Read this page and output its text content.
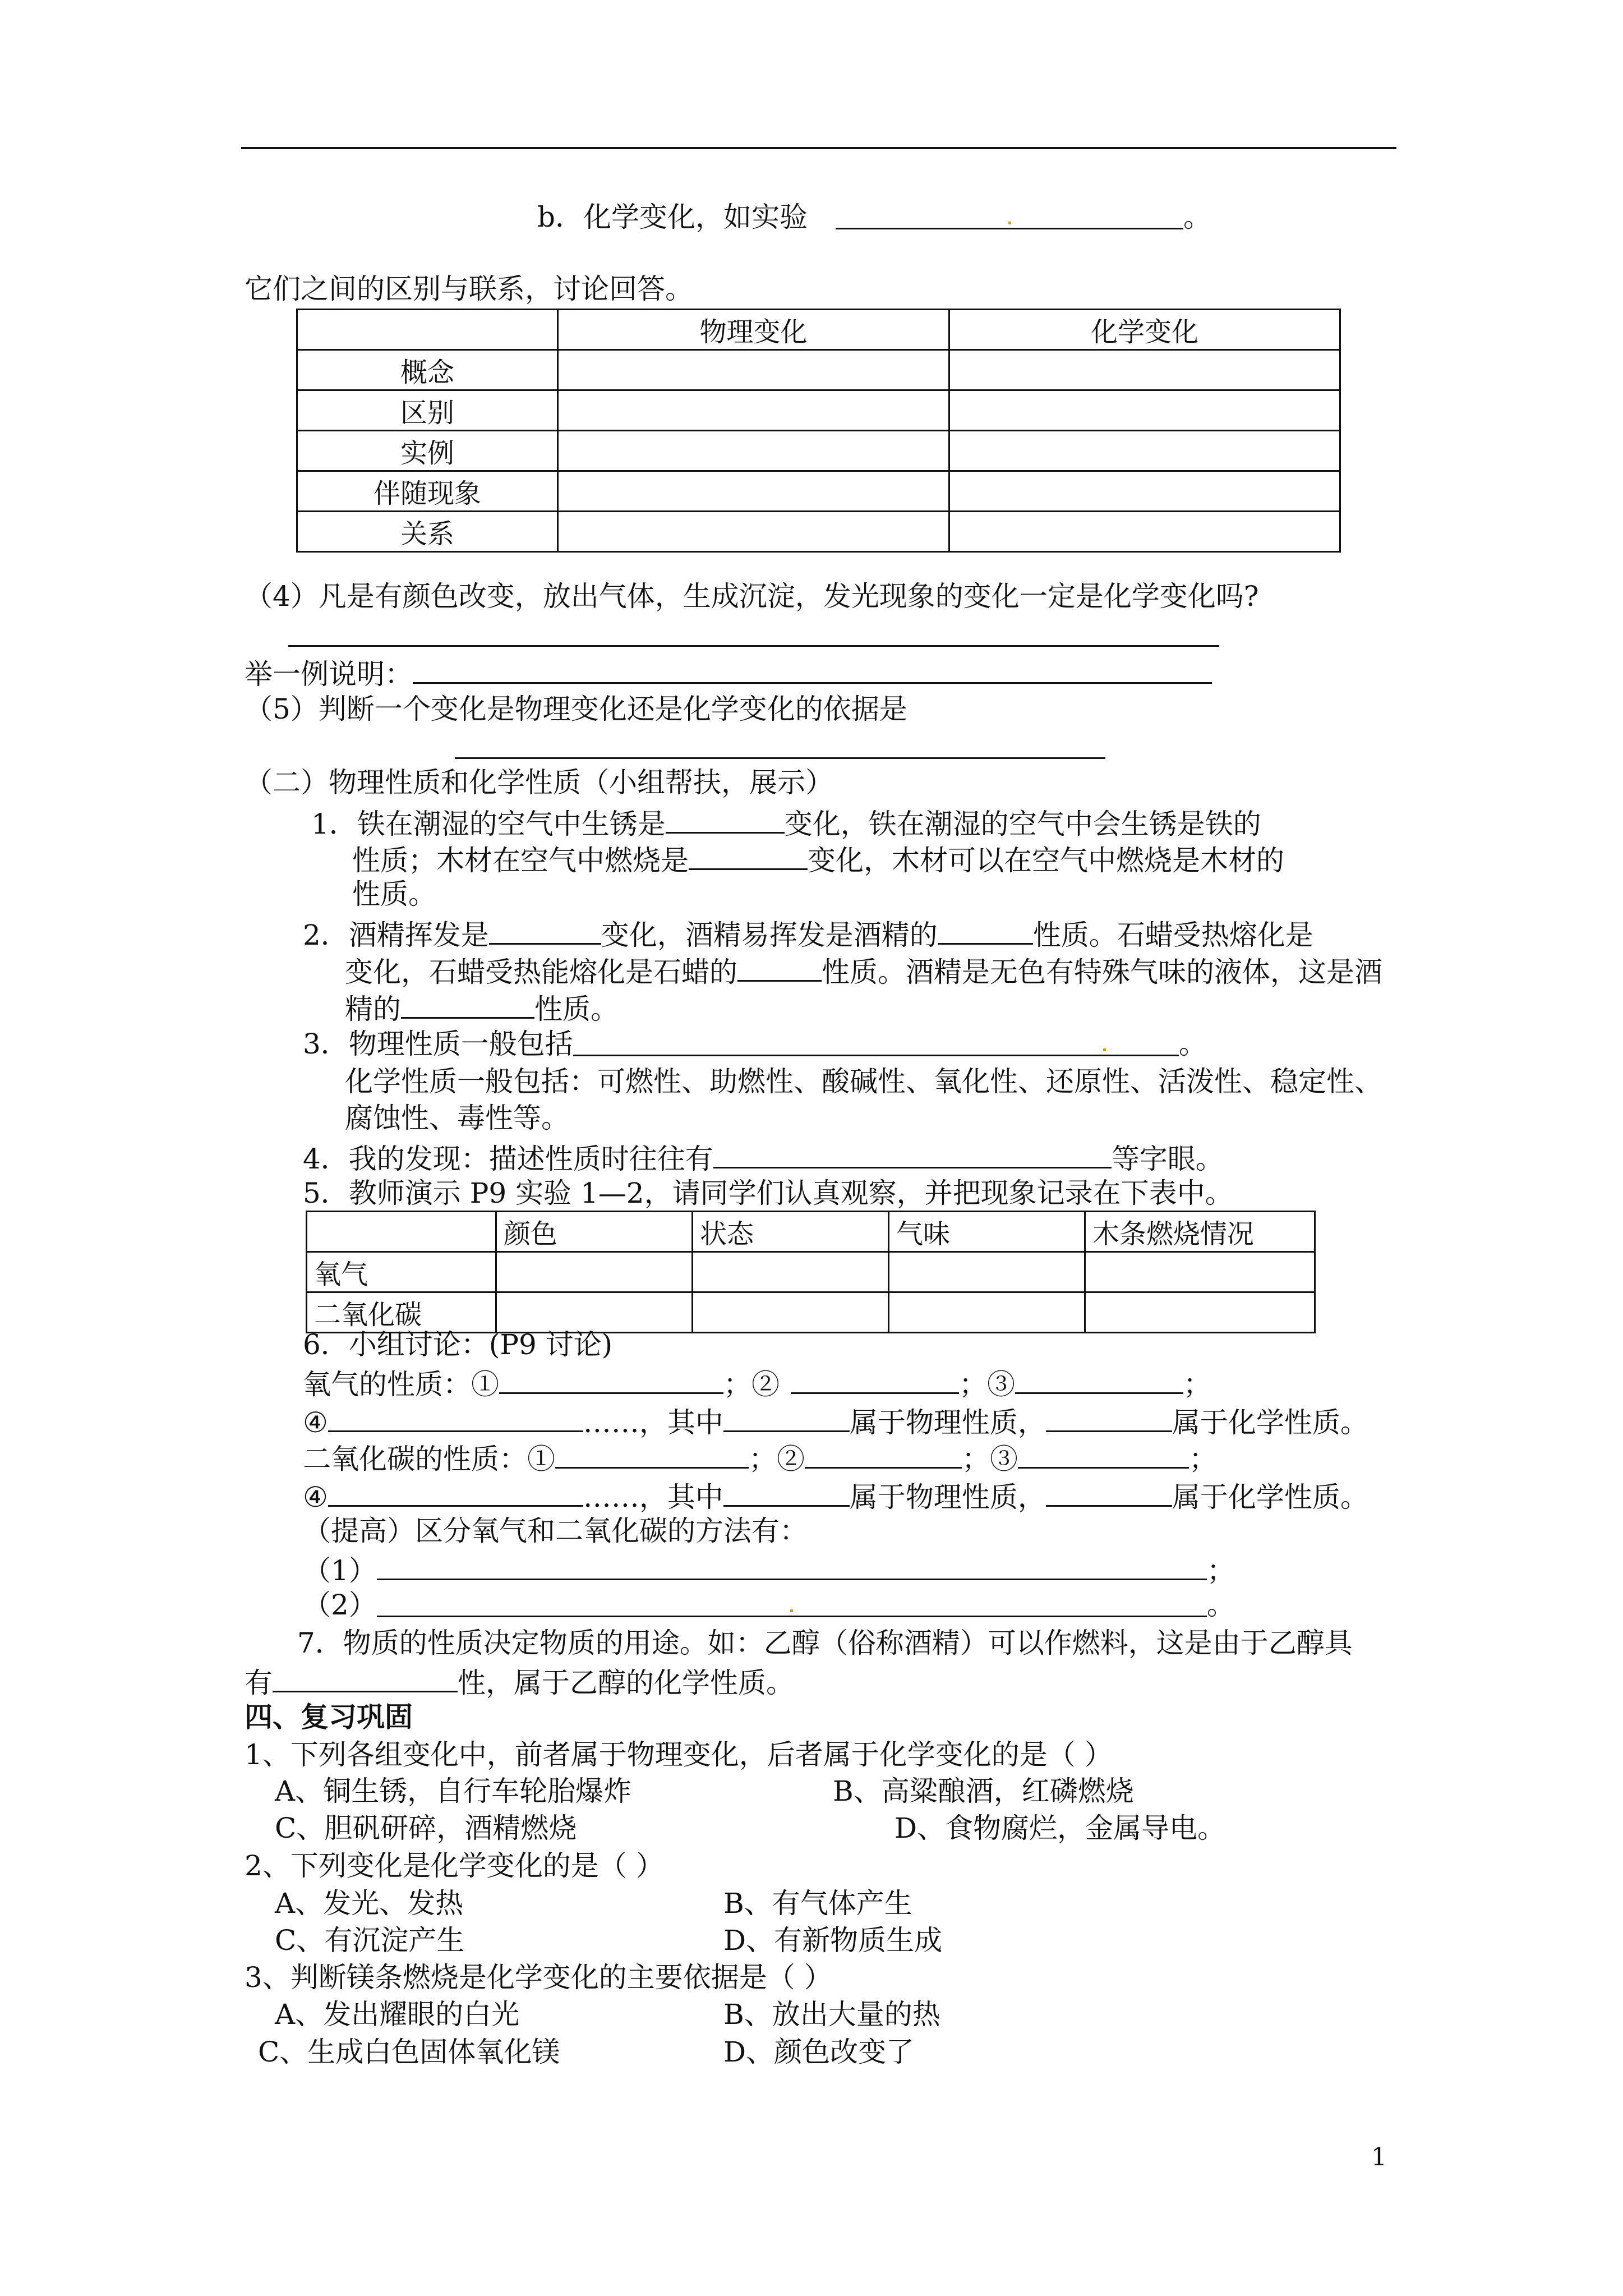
b．化学变化，如实验	。
它们之间的区别与联系，讨论回答。
	物理变化	化学变化
概念		
区别		
实例		
伴随现象		
关系		
（4）凡是有颜色改变，放出气体，生成沉淀，发光现象的变化一定是化学变化吗?
举一例说明：
（5）判断一个变化是物理变化还是化学变化的依据是
（二）物理性质和化学性质（小组帮扶，展示）
1．铁在潮湿的空气中生锈是	变化，铁在潮湿的空气中会生锈是铁的
性质；木材在空气中燃烧是	变化，木材可以在空气中燃烧是木材的
性质。
2．酒精挥发是	变化，酒精易挥发是酒精的	性质。石蜡受热熔化是
变化，石蜡受热能熔化是石蜡的	性质。酒精是无色有特殊气味的液体，这是酒
精的	性质。
3．物理性质一般包括	。
化学性质一般包括：可燃性、助燃性、酸碱性、氧化性、还原性、活泼性、稳定性、
腐蚀性、毒性等。
4．我的发现：描述性质时往往有	等字眼。
5．教师演示 P9 实验 1—2，请同学们认真观察，并把现象记录在下表中。
	颜色	状态	气味	木条燃烧情况
氧气				
二氧化碳				
6．小组讨论：(P9 讨论)
氧气的性质：①	；②	；③	；
④	……，其中	属于物理性质，	属于化学性质。
二氧化碳的性质：①	；②	；③	；
④	……，其中	属于物理性质，	属于化学性质。
（提高）区分氧气和二氧化碳的方法有：
（1）	；
（2）	。
7．物质的性质决定物质的用途。如：乙醇（俗称酒精）可以作燃料，这是由于乙醇具
有	性，属于乙醇的化学性质。
四、复习巩固
1、下列各组变化中，前者属于物理变化，后者属于化学变化的是（ ）
A、铜生锈，自行车轮胎爆炸	B、高粱酿酒，红磷燃烧
C、胆矾研碎，酒精燃烧	D、食物腐烂，金属导电。
2、下列变化是化学变化的是（ ）
A、发光、发热	B、有气体产生
C、有沉淀产生	D、有新物质生成
3、判断镁条燃烧是化学变化的主要依据是（ ）
A、发出耀眼的白光	B、放出大量的热
C、生成白色固体氧化镁	D、颜色改变了
1
